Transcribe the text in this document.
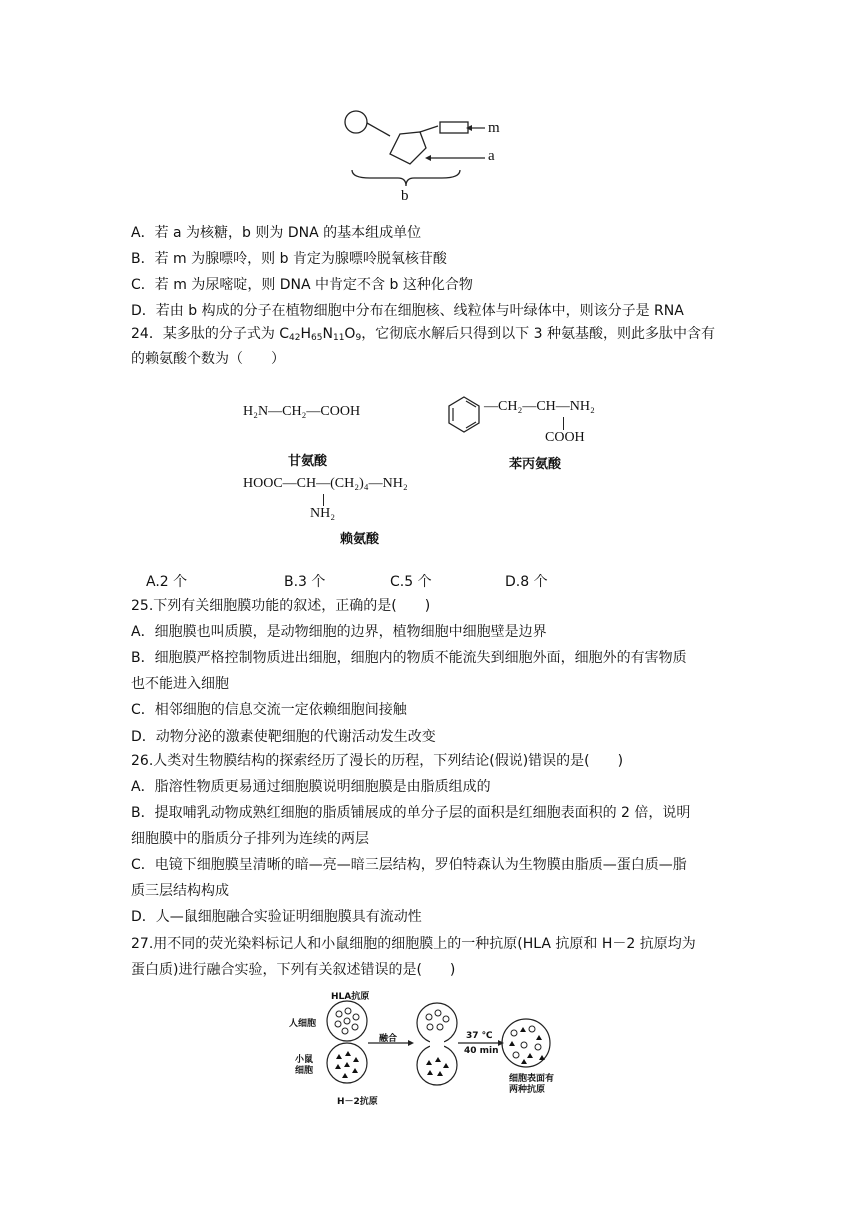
m
a
b
A．若 a 为核糖，b 则为 DNA 的基本组成单位
B．若 m 为腺嘌呤，则 b 肯定为腺嘌呤脱氧核苷酸
C．若 m 为尿嘧啶，则 DNA 中肯定不含 b 这种化合物
D．若由 b 构成的分子在植物细胞中分布在细胞核、线粒体与叶绿体中，则该分子是 RNA
24．某多肽的分子式为 $C_{42}H_{65}N_{11}O_9$，它彻底水解后只得到以下 3 种氨基酸，则此多肽中含有
的赖氨酸个数为（　　）
H₂N—CH₂—COOH
甘氨酸
—CH₂—CH—NH₂
COOH
苯丙氨酸
HOOC—CH—(CH₂)₄—NH₂
NH₂
赖氨酸
A.2 个	B.3 个	C.5 个	D.8 个
25.下列有关细胞膜功能的叙述，正确的是(　　)
A．细胞膜也叫质膜，是动物细胞的边界，植物细胞中细胞壁是边界
B．细胞膜严格控制物质进出细胞，细胞内的物质不能流失到细胞外面，细胞外的有害物质
也不能进入细胞
C．相邻细胞的信息交流一定依赖细胞间接触
D．动物分泌的激素使靶细胞的代谢活动发生改变
26.人类对生物膜结构的探索经历了漫长的历程，下列结论(假说)错误的是(　　)
A．脂溶性物质更易通过细胞膜说明细胞膜是由脂质组成的
B．提取哺乳动物成熟红细胞的脂质铺展成的单分子层的面积是红细胞表面积的 2 倍，说明
细胞膜中的脂质分子排列为连续的两层
C．电镜下细胞膜呈清晰的暗—亮—暗三层结构，罗伯特森认为生物膜由脂质—蛋白质—脂
质三层结构构成
D．人—鼠细胞融合实验证明细胞膜具有流动性
27.用不同的荧光染料标记人和小鼠细胞的细胞膜上的一种抗原(HLA 抗原和 H－2 抗原均为
蛋白质)进行融合实验，下列有关叙述错误的是(　　)
HLA抗原
人细胞
小鼠
细胞
H－2抗原
融合	37 ℃
40 min
细胞表面有
两种抗原
